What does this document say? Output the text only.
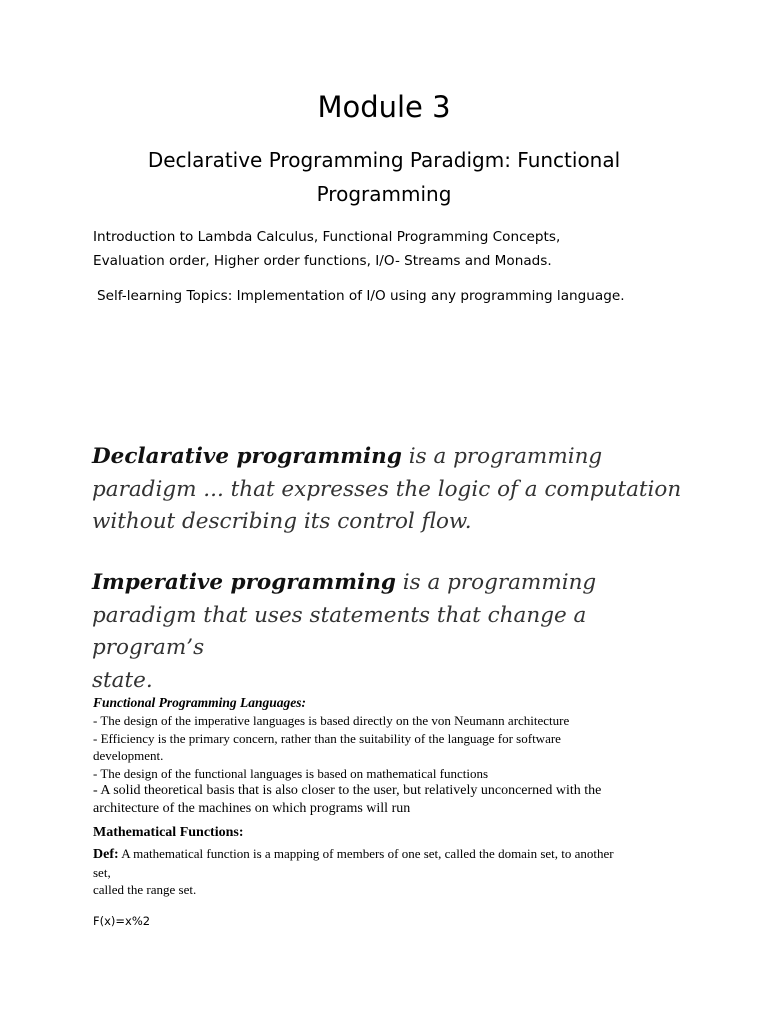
Module 3
Declarative Programming Paradigm: Functional
Programming
Introduction to Lambda Calculus, Functional Programming Concepts,
Evaluation order, Higher order functions, I/O- Streams and Monads.
Self-learning Topics: Implementation of I/O using any programming language.
Declarative programming is a programming
paradigm ... that expresses the logic of a computation
without describing its control flow.
Imperative programming is a programming
paradigm that uses statements that change a program’s
state.
Functional Programming Languages:
- The design of the imperative languages is based directly on the von Neumann architecture
- Efficiency is the primary concern, rather than the suitability of the language for software
development.
- The design of the functional languages is based on mathematical functions
- A solid theoretical basis that is also closer to the user, but relatively unconcerned with the
architecture of the machines on which programs will run
Mathematical Functions:
Def: A mathematical function is a mapping of members of one set, called the domain set, to another
set,
called the range set.
F(x)=x%2
